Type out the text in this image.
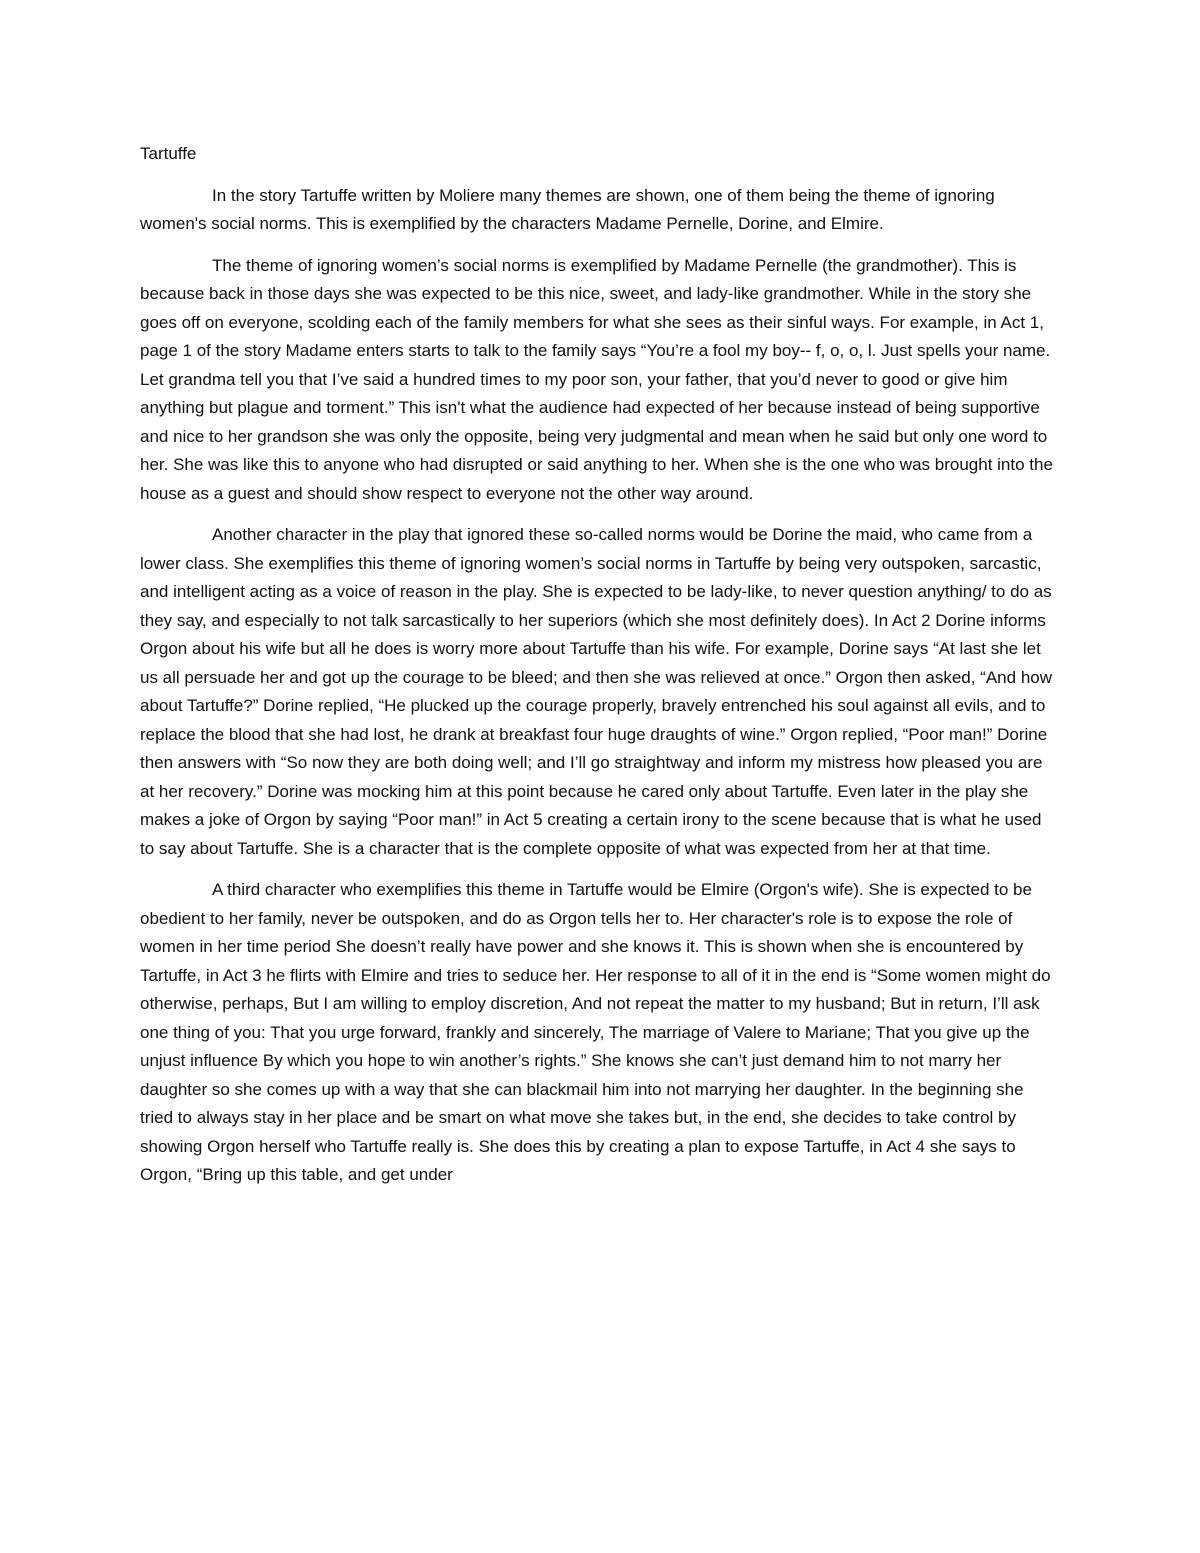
Tartuffe

In the story Tartuffe written by Moliere many themes are shown, one of them being the theme of ignoring women's social norms. This is exemplified by the characters Madame Pernelle, Dorine, and Elmire.

The theme of ignoring women’s social norms is exemplified by Madame Pernelle (the grandmother). This is because back in those days she was expected to be this nice, sweet, and lady-like grandmother. While in the story she goes off on everyone, scolding each of the family members for what she sees as their sinful ways. For example, in Act 1, page 1 of the story Madame enters starts to talk to the family says “You’re a fool my boy-- f, o, o, l. Just spells your name. Let grandma tell you that I’ve said a hundred times to my poor son, your father, that you’d never to good or give him anything but plague and torment.” This isn't what the audience had expected of her because instead of being supportive and nice to her grandson she was only the opposite, being very judgmental and mean when he said but only one word to her. She was like this to anyone who had disrupted or said anything to her. When she is the one who was brought into the house as a guest and should show respect to everyone not the other way around.

Another character in the play that ignored these so-called norms would be Dorine the maid, who came from a lower class. She exemplifies this theme of ignoring women’s social norms in Tartuffe by being very outspoken, sarcastic, and intelligent acting as a voice of reason in the play. She is expected to be lady-like, to never question anything/ to do as they say, and especially to not talk sarcastically to her superiors (which she most definitely does). In Act 2 Dorine informs Orgon about his wife but all he does is worry more about Tartuffe than his wife. For example, Dorine says “At last she let us all persuade her and got up the courage to be bleed; and then she was relieved at once.” Orgon then asked, “And how about Tartuffe?” Dorine replied, “He plucked up the courage properly, bravely entrenched his soul against all evils, and to replace the blood that she had lost, he drank at breakfast four huge draughts of wine.” Orgon replied, “Poor man!” Dorine then answers with “So now they are both doing well; and I’ll go straightway and inform my mistress how pleased you are at her recovery.” Dorine was mocking him at this point because he cared only about Tartuffe. Even later in the play she makes a joke of Orgon by saying “Poor man!” in Act 5 creating a certain irony to the scene because that is what he used to say about Tartuffe. She is a character that is the complete opposite of what was expected from her at that time.

A third character who exemplifies this theme in Tartuffe would be Elmire (Orgon's wife). She is expected to be obedient to her family, never be outspoken, and do as Orgon tells her to. Her character's role is to expose the role of women in her time period She doesn’t really have power and she knows it. This is shown when she is encountered by Tartuffe, in Act 3 he flirts with Elmire and tries to seduce her. Her response to all of it in the end is “Some women might do otherwise, perhaps, But I am willing to employ discretion, And not repeat the matter to my husband; But in return, I’ll ask one thing of you: That you urge forward, frankly and sincerely, The marriage of Valere to Mariane; That you give up the unjust influence By which you hope to win another’s rights.” She knows she can’t just demand him to not marry her daughter so she comes up with a way that she can blackmail him into not marrying her daughter. In the beginning she tried to always stay in her place and be smart on what move she takes but, in the end, she decides to take control by showing Orgon herself who Tartuffe really is. She does this by creating a plan to expose Tartuffe, in Act 4 she says to Orgon, “Bring up this table, and get under
